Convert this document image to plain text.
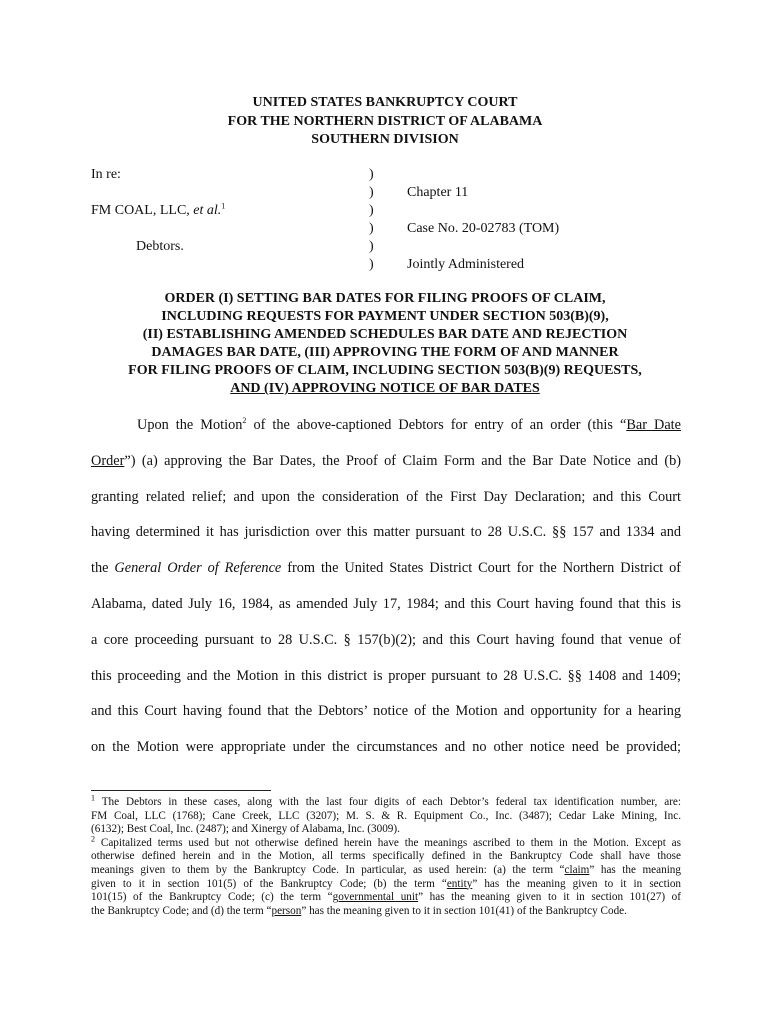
UNITED STATES BANKRUPTCY COURT
FOR THE NORTHERN DISTRICT OF ALABAMA
SOUTHERN DIVISION
In re:
FM COAL, LLC, et al.$^1$
Debtors.
)
)
)
)
)
)
Chapter 11
Case No. 20-02783 (TOM)
Jointly Administered
ORDER (I) SETTING BAR DATES FOR FILING PROOFS OF CLAIM,
INCLUDING REQUESTS FOR PAYMENT UNDER SECTION 503(B)(9),
(II) ESTABLISHING AMENDED SCHEDULES BAR DATE AND REJECTION
DAMAGES BAR DATE, (III) APPROVING THE FORM OF AND MANNER
FOR FILING PROOFS OF CLAIM, INCLUDING SECTION 503(B)(9) REQUESTS,
AND (IV) APPROVING NOTICE OF BAR DATES
Upon the Motion$^2$ of the above-captioned Debtors for entry of an order (this “Bar Date
Order”) (a) approving the Bar Dates, the Proof of Claim Form and the Bar Date Notice and (b)
granting related relief; and upon the consideration of the First Day Declaration; and this Court
having determined it has jurisdiction over this matter pursuant to 28 U.S.C. §§ 157 and 1334 and
the General Order of Reference from the United States District Court for the Northern District of
Alabama, dated July 16, 1984, as amended July 17, 1984; and this Court having found that this is
a core proceeding pursuant to 28 U.S.C. § 157(b)(2); and this Court having found that venue of
this proceeding and the Motion in this district is proper pursuant to 28 U.S.C. §§ 1408 and 1409;
and this Court having found that the Debtors’ notice of the Motion and opportunity for a hearing
on the Motion were appropriate under the circumstances and no other notice need be provided;
$^1$ The Debtors in these cases, along with the last four digits of each Debtor’s federal tax identification number, are:
FM Coal, LLC (1768); Cane Creek, LLC (3207); M. S. & R. Equipment Co., Inc. (3487); Cedar Lake Mining, Inc.
(6132); Best Coal, Inc. (2487); and Xinergy of Alabama, Inc. (3009).
$^2$ Capitalized terms used but not otherwise defined herein have the meanings ascribed to them in the Motion. Except as
otherwise defined herein and in the Motion, all terms specifically defined in the Bankruptcy Code shall have those
meanings given to them by the Bankruptcy Code. In particular, as used herein: (a) the term “claim” has the meaning
given to it in section 101(5) of the Bankruptcy Code; (b) the term “entity” has the meaning given to it in section
101(15) of the Bankruptcy Code; (c) the term “governmental unit” has the meaning given to it in section 101(27) of
the Bankruptcy Code; and (d) the term “person” has the meaning given to it in section 101(41) of the Bankruptcy Code.
